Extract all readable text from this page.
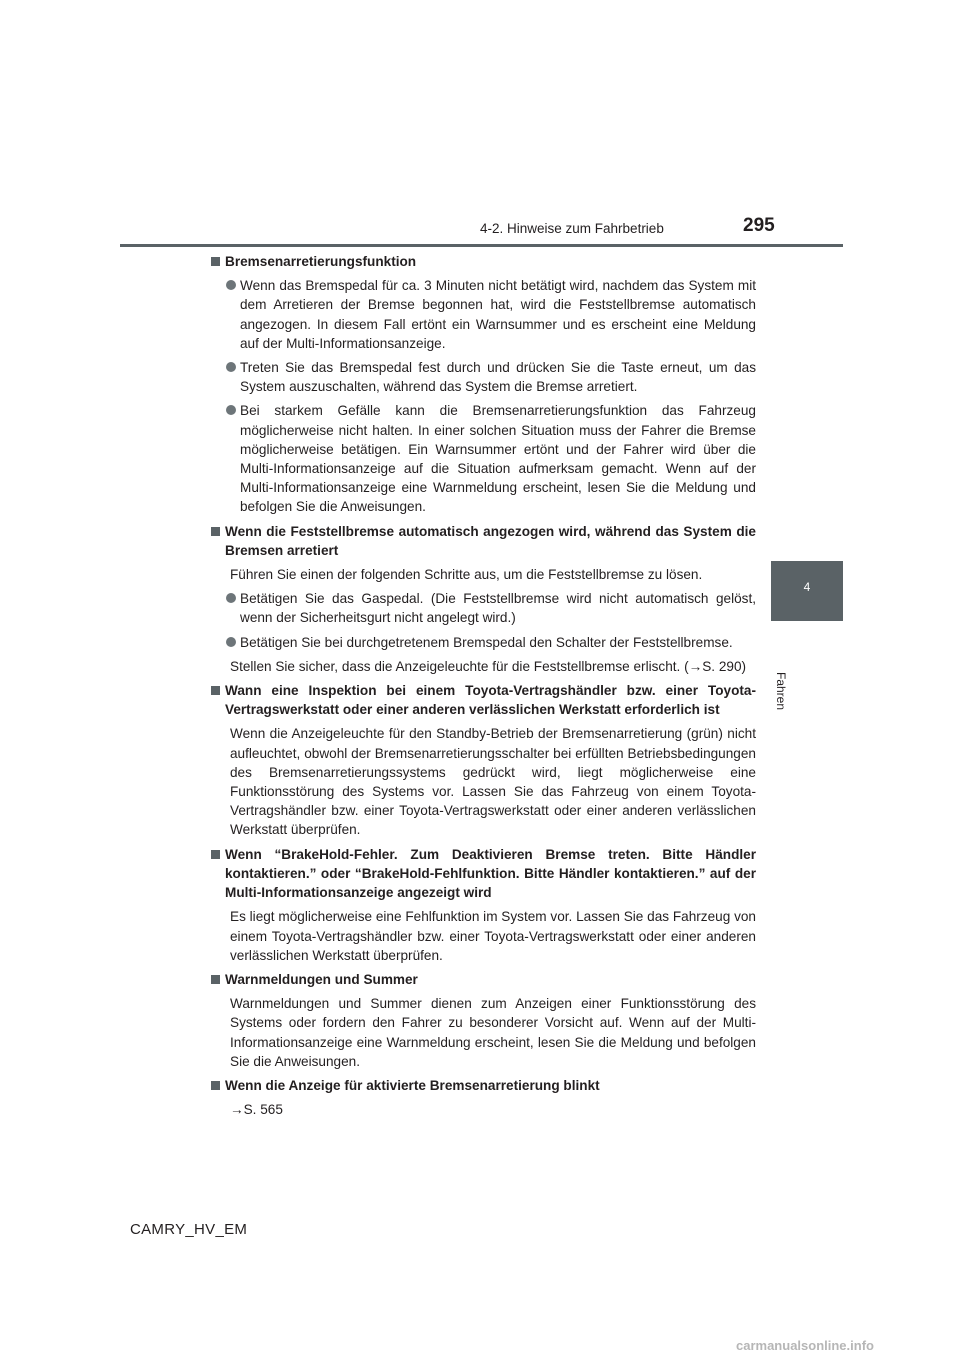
4-2. Hinweise zum Fahrbetrieb	295
4
Fahren
Bremsenarretierungsfunktion
Wenn das Bremspedal für ca. 3 Minuten nicht betätigt wird, nachdem das System mit dem Arretieren der Bremse begonnen hat, wird die Feststellbremse automatisch angezogen. In diesem Fall ertönt ein Warnsummer und es erscheint eine Meldung auf der Multi-Informationsanzeige.
Treten Sie das Bremspedal fest durch und drücken Sie die Taste erneut, um das System auszuschalten, während das System die Bremse arretiert.
Bei starkem Gefälle kann die Bremsenarretierungsfunktion das Fahrzeug möglicherweise nicht halten. In einer solchen Situation muss der Fahrer die Bremse möglicherweise betätigen. Ein Warnsummer ertönt und der Fahrer wird über die Multi-Informationsanzeige auf die Situation aufmerksam gemacht. Wenn auf der Multi-Informationsanzeige eine Warnmeldung erscheint, lesen Sie die Meldung und befolgen Sie die Anweisungen.
Wenn die Feststellbremse automatisch angezogen wird, während das System die Bremsen arretiert
Führen Sie einen der folgenden Schritte aus, um die Feststellbremse zu lösen.
Betätigen Sie das Gaspedal. (Die Feststellbremse wird nicht automatisch gelöst, wenn der Sicherheitsgurt nicht angelegt wird.)
Betätigen Sie bei durchgetretenem Bremspedal den Schalter der Feststellbremse.
Stellen Sie sicher, dass die Anzeigeleuchte für die Feststellbremse erlischt. (→S. 290)
Wann eine Inspektion bei einem Toyota-Vertragshändler bzw. einer Toyota-Vertragswerkstatt oder einer anderen verlässlichen Werkstatt erforderlich ist
Wenn die Anzeigeleuchte für den Standby-Betrieb der Bremsenarretierung (grün) nicht aufleuchtet, obwohl der Bremsenarretierungsschalter bei erfüllten Betriebsbedingungen des Bremsenarretierungssystems gedrückt wird, liegt möglicherweise eine Funktionsstörung des Systems vor. Lassen Sie das Fahrzeug von einem Toyota-Vertragshändler bzw. einer Toyota-Vertragswerkstatt oder einer anderen verlässlichen Werkstatt überprüfen.
Wenn “BrakeHold-Fehler. Zum Deaktivieren Bremse treten. Bitte Händler kontaktieren.” oder “BrakeHold-Fehlfunktion. Bitte Händler kontaktieren.” auf der Multi-Informationsanzeige angezeigt wird
Es liegt möglicherweise eine Fehlfunktion im System vor. Lassen Sie das Fahrzeug von einem Toyota-Vertragshändler bzw. einer Toyota-Vertragswerkstatt oder einer anderen verlässlichen Werkstatt überprüfen.
Warnmeldungen und Summer
Warnmeldungen und Summer dienen zum Anzeigen einer Funktionsstörung des Systems oder fordern den Fahrer zu besonderer Vorsicht auf. Wenn auf der Multi-Informationsanzeige eine Warnmeldung erscheint, lesen Sie die Meldung und befolgen Sie die Anweisungen.
Wenn die Anzeige für aktivierte Bremsenarretierung blinkt
→S. 565
CAMRY_HV_EM
carmanualsonline.info
